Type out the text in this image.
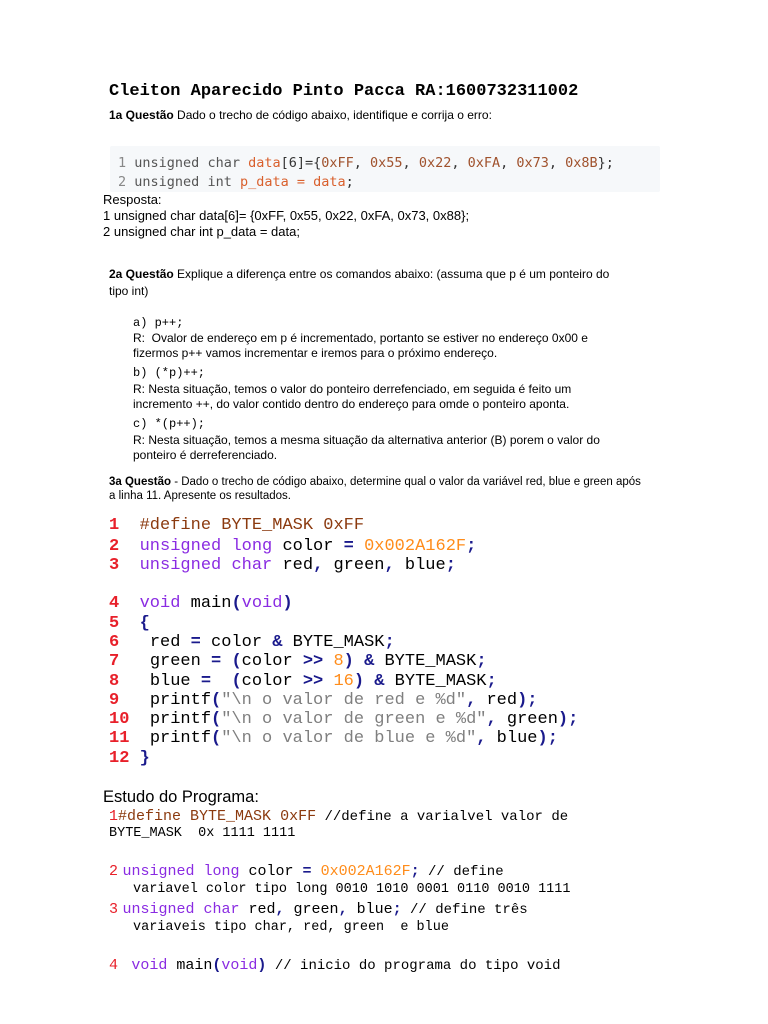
Cleiton Aparecido Pinto Pacca RA:1600732311002
1a Questão Dado o trecho de código abaixo, identifique e corrija o erro:
1 unsigned char data[6]={0xFF, 0x55, 0x22, 0xFA, 0x73, 0x8B};
2 unsigned int p_data = data;
Resposta:
1 unsigned char data[6]= {0xFF, 0x55, 0x22, 0xFA, 0x73, 0x88};
2 unsigned char int p_data = data;
2a Questão Explique a diferença entre os comandos abaixo: (assuma que p é um ponteiro do
tipo int)
a) p++;
R:  Ovalor de endereço em p é incrementado, portanto se estiver no endereço 0x00 e
fizermos p++ vamos incrementar e iremos para o próximo endereço.
b) (*p)++;
R: Nesta situação, temos o valor do ponteiro derrefenciado, em seguida é feito um
incremento ++, do valor contido dentro do endereço para omde o ponteiro aponta.
c) *(p++);
R: Nesta situação, temos a mesma situação da alternativa anterior (B) porem o valor do
ponteiro é derreferenciado.
3a Questão - Dado o trecho de código abaixo, determine qual o valor da variável red, blue e green após
a linha 11. Apresente os resultados.
1 #define BYTE_MASK 0xFF
2 unsigned long color = 0x002A162F;
3 unsigned char red, green, blue;
4 void main(void)
5 {
6 red = color & BYTE_MASK;
7 green = (color >> 8) & BYTE_MASK;
8 blue = (color >> 16) & BYTE_MASK;
9 printf("\n o valor de red e %d", red);
10 printf("\n o valor de green e %d", green);
11 printf("\n o valor de blue e %d", blue);
12 }
Estudo do Programa:
1#define BYTE_MASK 0xFF //define a varialvel valor de
BYTE_MASK  0x 1111 1111
2 unsigned long color = 0x002A162F; // define
variavel color tipo long 0010 1010 0001 0110 0010 1111
3 unsigned char red, green, blue; // define três
variaveis tipo char, red, green  e blue
4 void main(void) // inicio do programa do tipo void
